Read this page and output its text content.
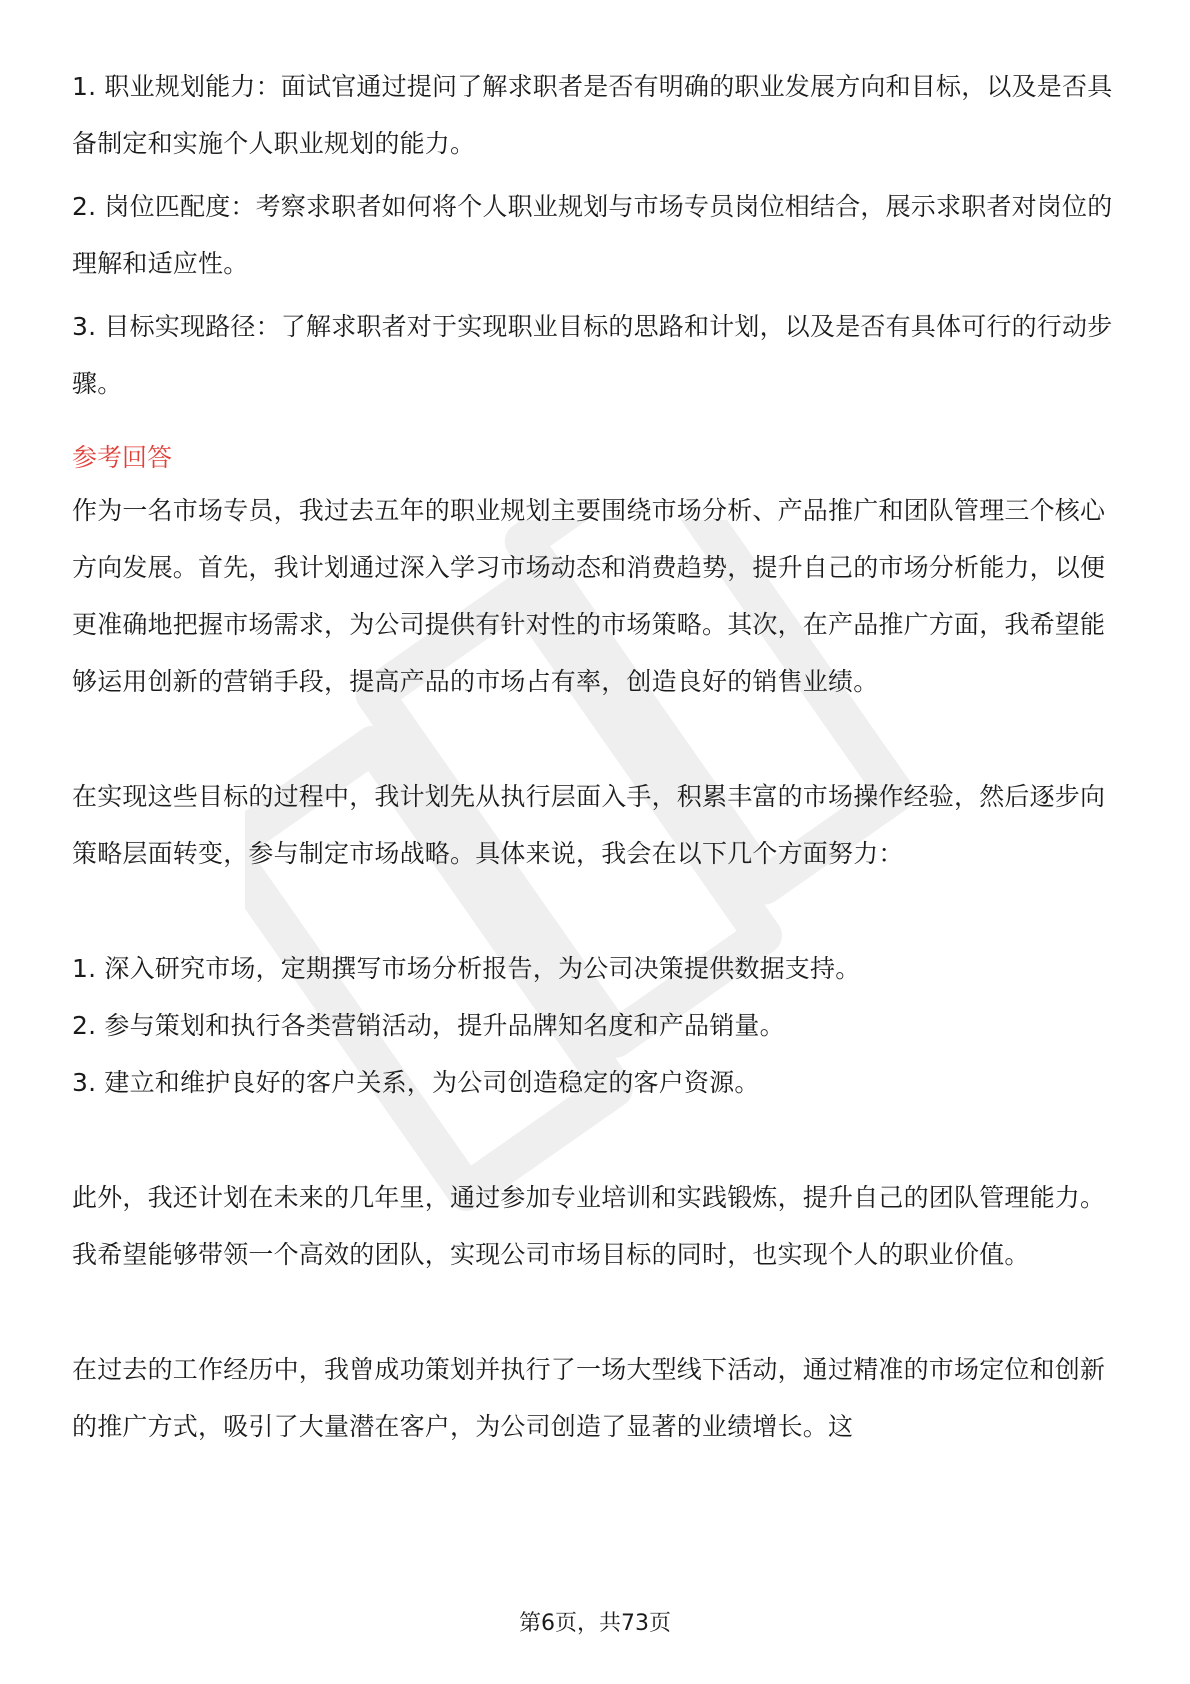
1. 职业规划能力：面试官通过提问了解求职者是否有明确的职业发展方向和目标，以及是否具备制定和实施个人职业规划的能力。

2. 岗位匹配度：考察求职者如何将个人职业规划与市场专员岗位相结合，展示求职者对岗位的理解和适应性。

3. 目标实现路径：了解求职者对于实现职业目标的思路和计划，以及是否有具体可行的行动步骤。

参考回答

作为一名市场专员，我过去五年的职业规划主要围绕市场分析、产品推广和团队管理三个核心方向发展。首先，我计划通过深入学习市场动态和消费趋势，提升自己的市场分析能力，以便更准确地把握市场需求，为公司提供有针对性的市场策略。其次，在产品推广方面，我希望能够运用创新的营销手段，提高产品的市场占有率，创造良好的销售业绩。

在实现这些目标的过程中，我计划先从执行层面入手，积累丰富的市场操作经验，然后逐步向策略层面转变，参与制定市场战略。具体来说，我会在以下几个方面努力：

1. 深入研究市场，定期撰写市场分析报告，为公司决策提供数据支持。

2. 参与策划和执行各类营销活动，提升品牌知名度和产品销量。

3. 建立和维护良好的客户关系，为公司创造稳定的客户资源。

此外，我还计划在未来的几年里，通过参加专业培训和实践锻炼，提升自己的团队管理能力。我希望能够带领一个高效的团队，实现公司市场目标的同时，也实现个人的职业价值。

在过去的工作经历中，我曾成功策划并执行了一场大型线下活动，通过精准的市场定位和创新的推广方式，吸引了大量潜在客户，为公司创造了显著的业绩增长。这

第6页，共73页
